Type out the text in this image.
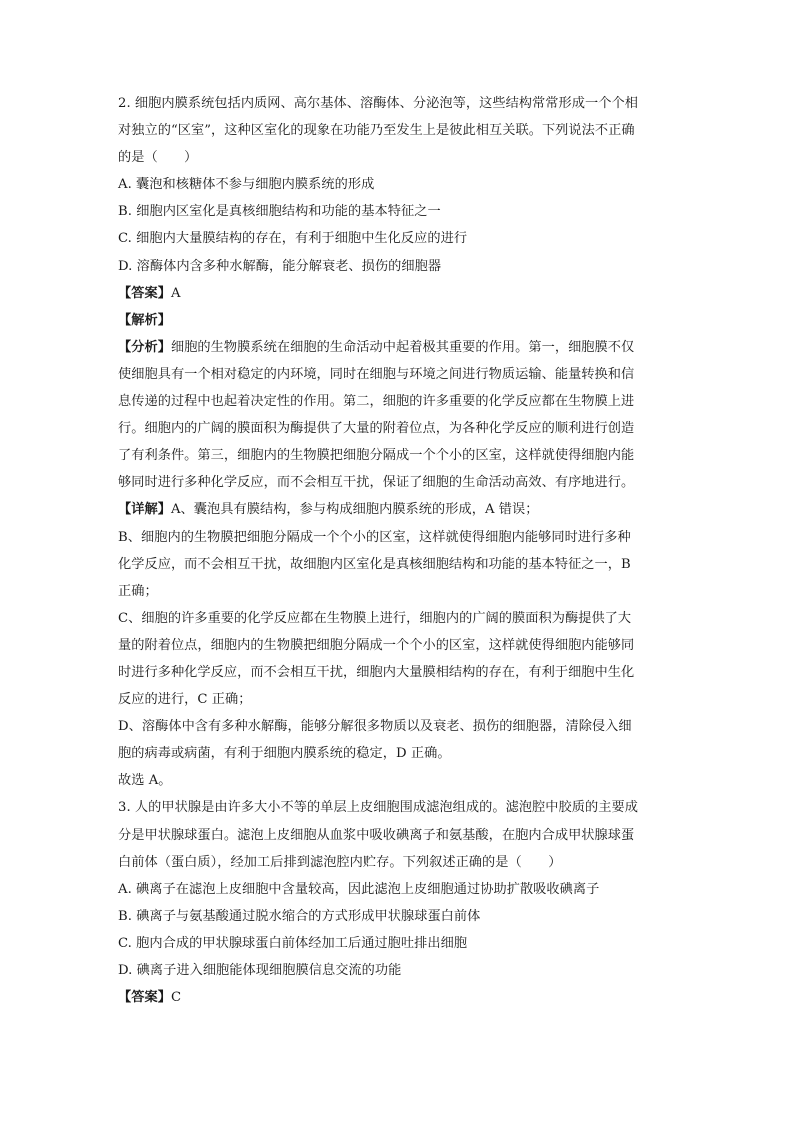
2. 细胞内膜系统包括内质网、高尔基体、溶酶体、分泌泡等，这些结构常常形成一个个相
对独立的“区室”，这种区室化的现象在功能乃至发生上是彼此相互关联。下列说法不正确
的是（　　）
A. 囊泡和核糖体不参与细胞内膜系统的形成
B. 细胞内区室化是真核细胞结构和功能的基本特征之一
C. 细胞内大量膜结构的存在，有利于细胞中生化反应的进行
D. 溶酶体内含多种水解酶，能分解衰老、损伤的细胞器
【答案】A
【解析】
【分析】细胞的生物膜系统在细胞的生命活动中起着极其重要的作用。第一，细胞膜不仅
使细胞具有一个相对稳定的内环境，同时在细胞与环境之间进行物质运输、能量转换和信
息传递的过程中也起着决定性的作用。第二，细胞的许多重要的化学反应都在生物膜上进
行。细胞内的广阔的膜面积为酶提供了大量的附着位点，为各种化学反应的顺利进行创造
了有利条件。第三，细胞内的生物膜把细胞分隔成一个个小的区室，这样就使得细胞内能
够同时进行多种化学反应，而不会相互干扰，保证了细胞的生命活动高效、有序地进行。
【详解】A、囊泡具有膜结构，参与构成细胞内膜系统的形成，A 错误；
B、细胞内的生物膜把细胞分隔成一个个小的区室，这样就使得细胞内能够同时进行多种
化学反应，而不会相互干扰，故细胞内区室化是真核细胞结构和功能的基本特征之一，B
正确；
C、细胞的许多重要的化学反应都在生物膜上进行，细胞内的广阔的膜面积为酶提供了大
量的附着位点，细胞内的生物膜把细胞分隔成一个个小的区室，这样就使得细胞内能够同
时进行多种化学反应，而不会相互干扰，细胞内大量膜相结构的存在，有利于细胞中生化
反应的进行，C 正确；
D、溶酶体中含有多种水解酶，能够分解很多物质以及衰老、损伤的细胞器，清除侵入细
胞的病毒或病菌，有利于细胞内膜系统的稳定，D 正确。
故选 A。
3. 人的甲状腺是由许多大小不等的单层上皮细胞围成滤泡组成的。滤泡腔中胶质的主要成
分是甲状腺球蛋白。滤泡上皮细胞从血浆中吸收碘离子和氨基酸，在胞内合成甲状腺球蛋
白前体（蛋白质），经加工后排到滤泡腔内贮存。下列叙述正确的是（　　）
A. 碘离子在滤泡上皮细胞中含量较高，因此滤泡上皮细胞通过协助扩散吸收碘离子
B. 碘离子与氨基酸通过脱水缩合的方式形成甲状腺球蛋白前体
C. 胞内合成的甲状腺球蛋白前体经加工后通过胞吐排出细胞
D. 碘离子进入细胞能体现细胞膜信息交流的功能
【答案】C
